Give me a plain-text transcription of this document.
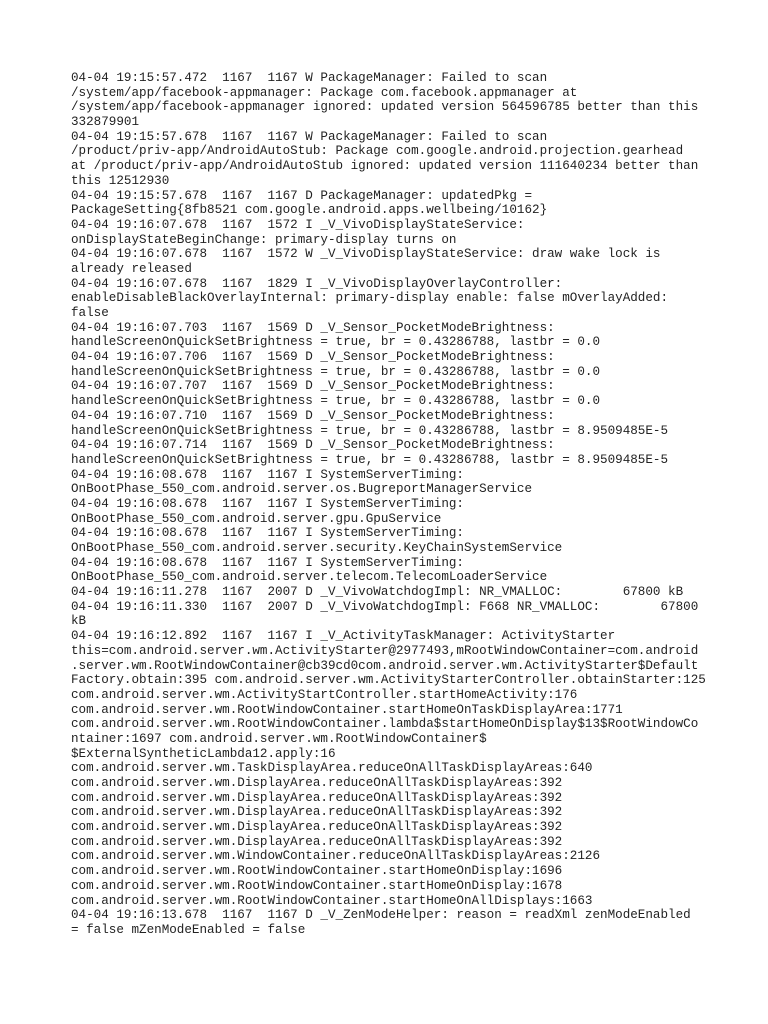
04-04 19:15:57.472  1167  1167 W PackageManager: Failed to scan
/system/app/facebook-appmanager: Package com.facebook.appmanager at
/system/app/facebook-appmanager ignored: updated version 564596785 better than this
332879901
04-04 19:15:57.678  1167  1167 W PackageManager: Failed to scan
/product/priv-app/AndroidAutoStub: Package com.google.android.projection.gearhead
at /product/priv-app/AndroidAutoStub ignored: updated version 111640234 better than
this 12512930
04-04 19:15:57.678  1167  1167 D PackageManager: updatedPkg =
PackageSetting{8fb8521 com.google.android.apps.wellbeing/10162}
04-04 19:16:07.678  1167  1572 I _V_VivoDisplayStateService:
onDisplayStateBeginChange: primary-display turns on
04-04 19:16:07.678  1167  1572 W _V_VivoDisplayStateService: draw wake lock is
already released
04-04 19:16:07.678  1167  1829 I _V_VivoDisplayOverlayController:
enableDisableBlackOverlayInternal: primary-display enable: false mOverlayAdded:
false
04-04 19:16:07.703  1167  1569 D _V_Sensor_PocketModeBrightness:
handleScreenOnQuickSetBrightness = true, br = 0.43286788, lastbr = 0.0
04-04 19:16:07.706  1167  1569 D _V_Sensor_PocketModeBrightness:
handleScreenOnQuickSetBrightness = true, br = 0.43286788, lastbr = 0.0
04-04 19:16:07.707  1167  1569 D _V_Sensor_PocketModeBrightness:
handleScreenOnQuickSetBrightness = true, br = 0.43286788, lastbr = 0.0
04-04 19:16:07.710  1167  1569 D _V_Sensor_PocketModeBrightness:
handleScreenOnQuickSetBrightness = true, br = 0.43286788, lastbr = 8.9509485E-5
04-04 19:16:07.714  1167  1569 D _V_Sensor_PocketModeBrightness:
handleScreenOnQuickSetBrightness = true, br = 0.43286788, lastbr = 8.9509485E-5
04-04 19:16:08.678  1167  1167 I SystemServerTiming:
OnBootPhase_550_com.android.server.os.BugreportManagerService
04-04 19:16:08.678  1167  1167 I SystemServerTiming:
OnBootPhase_550_com.android.server.gpu.GpuService
04-04 19:16:08.678  1167  1167 I SystemServerTiming:
OnBootPhase_550_com.android.server.security.KeyChainSystemService
04-04 19:16:08.678  1167  1167 I SystemServerTiming:
OnBootPhase_550_com.android.server.telecom.TelecomLoaderService
04-04 19:16:11.278  1167  2007 D _V_VivoWatchdogImpl: NR_VMALLOC:        67800 kB
04-04 19:16:11.330  1167  2007 D _V_VivoWatchdogImpl: F668 NR_VMALLOC:        67800
kB
04-04 19:16:12.892  1167  1167 I _V_ActivityTaskManager: ActivityStarter
this=com.android.server.wm.ActivityStarter@2977493,mRootWindowContainer=com.android
.server.wm.RootWindowContainer@cb39cd0com.android.server.wm.ActivityStarter$Default
Factory.obtain:395 com.android.server.wm.ActivityStarterController.obtainStarter:125
com.android.server.wm.ActivityStartController.startHomeActivity:176
com.android.server.wm.RootWindowContainer.startHomeOnTaskDisplayArea:1771
com.android.server.wm.RootWindowContainer.lambda$startHomeOnDisplay$13$RootWindowCo
ntainer:1697 com.android.server.wm.RootWindowContainer$
$ExternalSyntheticLambda12.apply:16
com.android.server.wm.TaskDisplayArea.reduceOnAllTaskDisplayAreas:640
com.android.server.wm.DisplayArea.reduceOnAllTaskDisplayAreas:392
com.android.server.wm.DisplayArea.reduceOnAllTaskDisplayAreas:392
com.android.server.wm.DisplayArea.reduceOnAllTaskDisplayAreas:392
com.android.server.wm.DisplayArea.reduceOnAllTaskDisplayAreas:392
com.android.server.wm.DisplayArea.reduceOnAllTaskDisplayAreas:392
com.android.server.wm.WindowContainer.reduceOnAllTaskDisplayAreas:2126
com.android.server.wm.RootWindowContainer.startHomeOnDisplay:1696
com.android.server.wm.RootWindowContainer.startHomeOnDisplay:1678
com.android.server.wm.RootWindowContainer.startHomeOnAllDisplays:1663
04-04 19:16:13.678  1167  1167 D _V_ZenModeHelper: reason = readXml zenModeEnabled
= false mZenModeEnabled = false
